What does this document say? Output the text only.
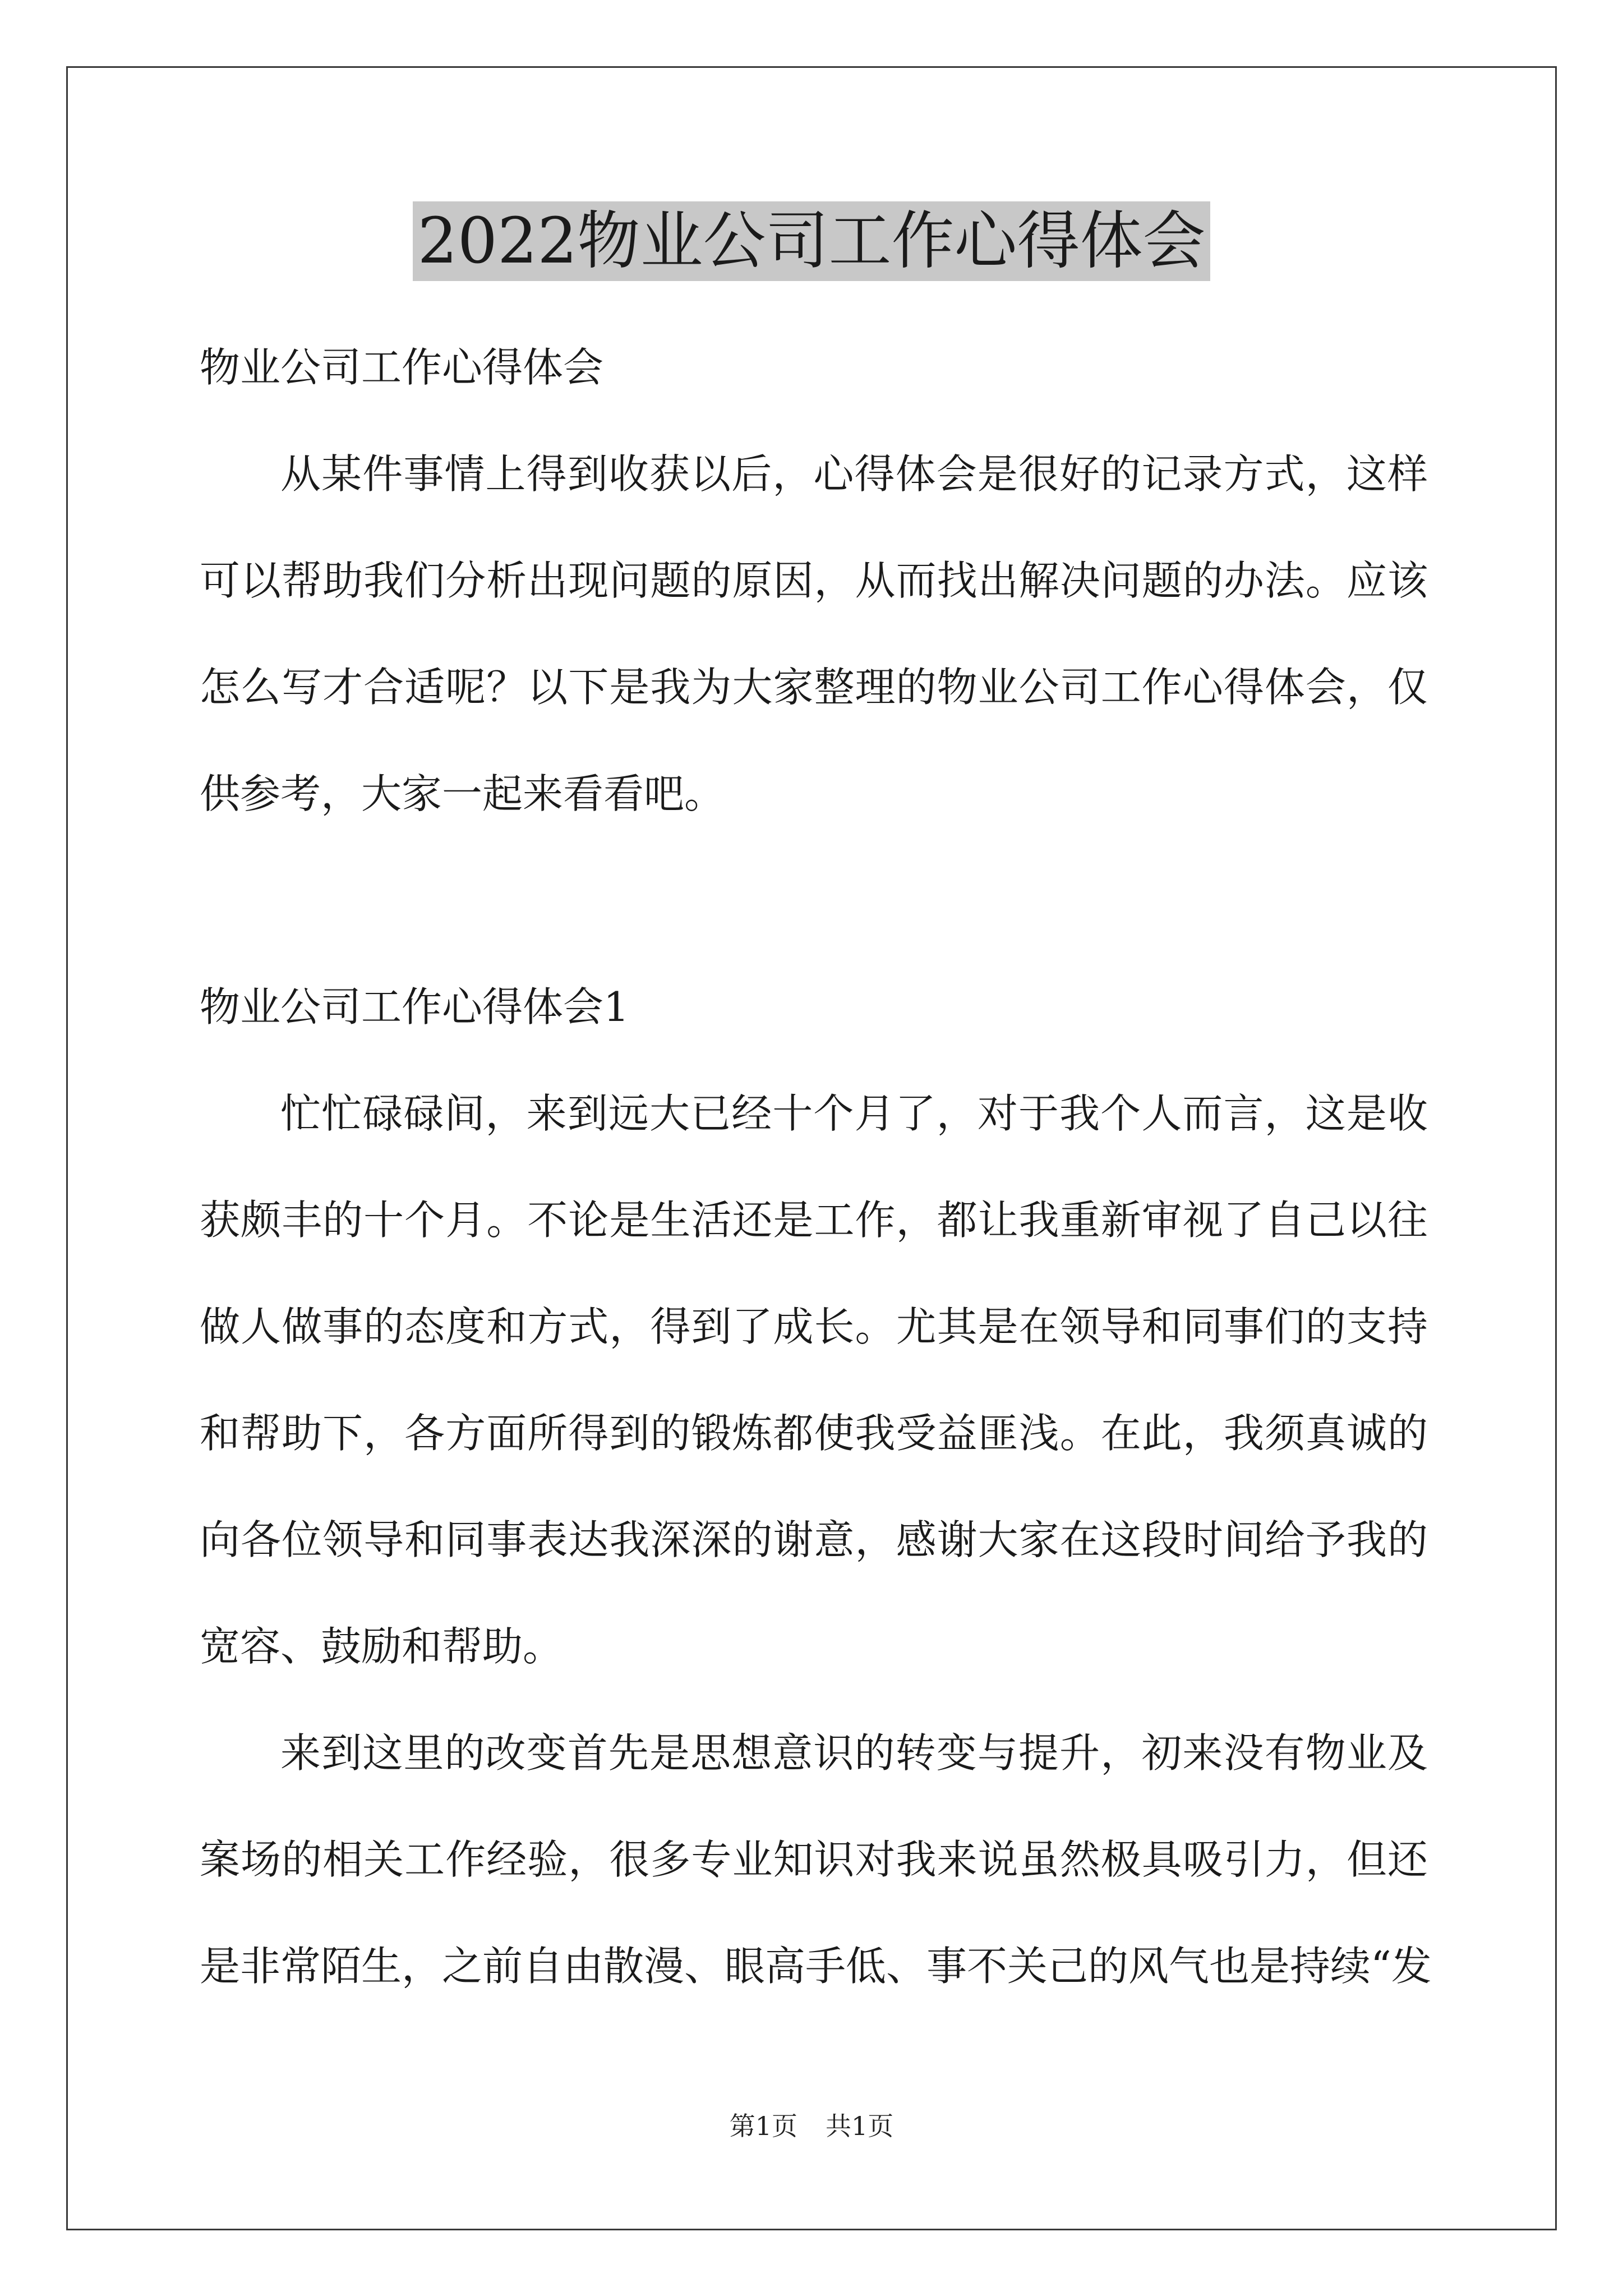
2022物业公司工作心得体会

物业公司工作心得体会

从某件事情上得到收获以后，心得体会是很好的记录方式，这样

可以帮助我们分析出现问题的原因，从而找出解决问题的办法。应该

怎么写才合适呢？以下是我为大家整理的物业公司工作心得体会，仅

供参考，大家一起来看看吧。

物业公司工作心得体会1

忙忙碌碌间，来到远大已经十个月了，对于我个人而言，这是收

获颇丰的十个月。不论是生活还是工作，都让我重新审视了自己以往

做人做事的态度和方式，得到了成长。尤其是在领导和同事们的支持

和帮助下，各方面所得到的锻炼都使我受益匪浅。在此，我须真诚的

向各位领导和同事表达我深深的谢意，感谢大家在这段时间给予我的

宽容、鼓励和帮助。

来到这里的改变首先是思想意识的转变与提升，初来没有物业及

案场的相关工作经验，很多专业知识对我来说虽然极具吸引力，但还

是非常陌生，之前自由散漫、眼高手低、事不关己的风气也是持续“发

第1页 共1页
